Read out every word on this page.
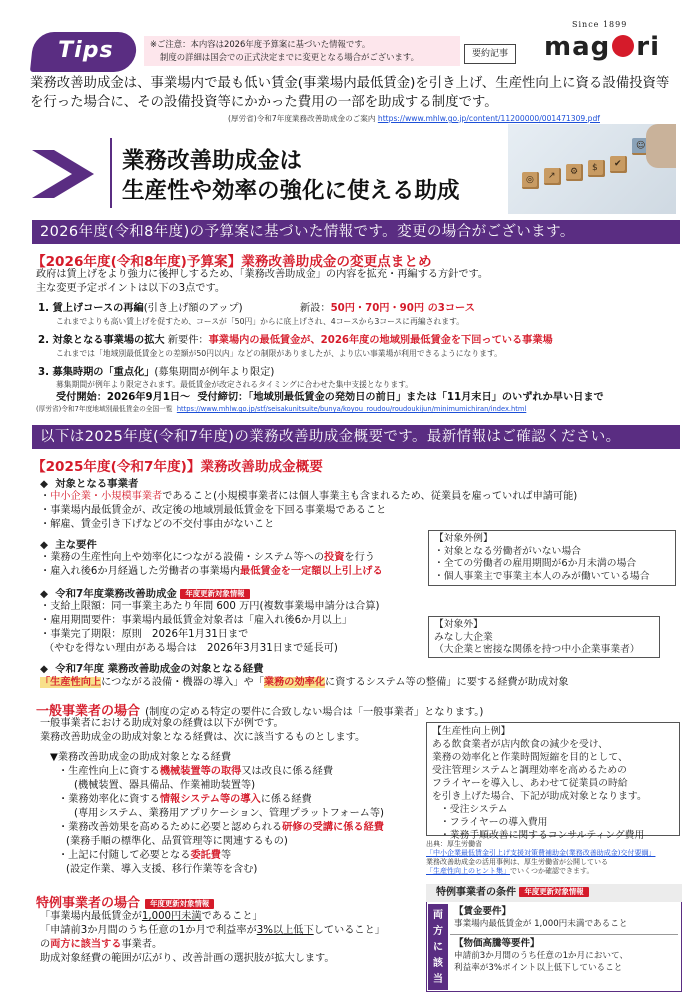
Tips	※ご注意：本内容は2026年度予算案に基づいた情報です。
制度の詳細は国会での正式決定までに変更となる場合がございます。	要約記事
Since 1899
mag ri
業務改善助成金は、事業場内で最も低い賃金(事業場内最低賃金)を引き上げ、生産性向上に資る設備投資等を行った場合に、その設備投資等にかかった費用の一部を助成する制度です。
(厚労省)令和7年度業務改善助成金のご案内 https://www.mhlw.go.jp/content/11200000/001471309.pdf
業務改善助成金は
生産性や効率の強化に使える助成	◎ ↗ ⚙ $ ✔
☺
2026年度(令和8年度)の予算案に基づいた情報です。変更の場合がございます。
【2026年度(令和8年度)予算案】業務改善助成金の変更点まとめ
政府は賃上げをより強力に後押しするため、「業務改善助成金」の内容を拡充・再編する方針です。
主な変更予定ポイントは以下の3点です。
1. 賃上げコースの再編(引き上げ額のアップ)	新設：50円・70円・90円 の3コース
これまでよりも高い賃上げを促すため、コースが「50円」からに底上げされ、4コースから3コースに再編されます。
2. 対象となる事業場の拡大 新要件：事業場内の最低賃金が、2026年度の地域別最低賃金を下回っている事業場
これまでは「地域別最低賃金との差額が50円以内」などの制限がありましたが、より広い事業場が利用できるようになります。
3. 募集時期の「重点化」(募集期間が例年より限定)
募集期間が例年より限定されます。最低賃金が改定されるタイミングに合わせた集中支援となります。
受付開始：2026年9月1日〜 受付締切：「地域別最低賃金の発効日の前日」または「11月末日」のいずれか早い日まで
(厚労省)令和7年度地域別最低賃金の全国一覧 https://www.mhlw.go.jp/stf/seisakunitsuite/bunya/koyou_roudou/roudoukijun/minimumichiran/index.html
以下は2025年度(令和7年度)の業務改善助成金概要です。最新情報はご確認ください。
【2025年度(令和7年度)】業務改善助成金概要
◆  対象となる事業者
・中小企業・小規模事業者であること(小規模事業者には個人事業主も含まれるため、従業員を雇っていれば申請可能)
・事業場内最低賃金が、改定後の地域別最低賃金を下回る事業場であること
・解雇、賃金引き下げなどの不交付事由がないこと
◆  主な要件
・業務の生産性向上や効率化につながる設備・システム等への投資を行う
・雇入れ後6か月経過した労働者の事業場内最低賃金を一定額以上引上げる
◆  令和7年度業務改善助成金 年度更新対象情報
・支給上限額：同一事業主あたり年間 600 万円(複数事業場申請分は合算)
・雇用期間要件：事業場内最低賃金対象者は「雇入れ後6か月以上」
・事業完了期限：原則　2026年1月31日まで
（やむを得ない理由がある場合は　2026年3月31日まで延長可)
◆  令和7年度 業務改善助成金の対象となる経費
「生産性向上につながる設備・機器の導入」や「業務の効率化に資するシステム等の整備」に要する経費が助成対象
【対象外例】
・対象となる労働者がいない場合
・全ての労働者の雇用期間が6か月未満の場合
・個人事業主で事業主本人のみが働いている場合
【対象外】
みなし大企業
（大企業と密接な関係を持つ中小企業事業者）
一般事業者の場合 (制度の定める特定の要件に合致しない場合は「一般事業者」となります。)
一般事業者における助成対象の経費は以下が例です。
業務改善助成金の助成対象となる経費は、次に該当するものとします。
▼業務改善助成金の助成対象となる経費
・生産性向上に資する機械装置等の取得又は改良に係る経費
(機械装置、器具備品、作業補助装置等)
・業務効率化に資する情報システム等の導入に係る経費
(専用システム、業務用アプリケーション、管理プラットフォーム等)
・業務改善効果を高めるために必要と認められる研修の受講に係る経費
(業務手順の標準化、品質管理等に関連するもの)
・上記に付随して必要となる委託費等
(設定作業、導入支援、移行作業等を含む)
【生産性向上例】
ある飲食業者が店内飲食の減少を受け、
業務の効率化と作業時間短縮を目的として、
受注管理システムと調理効率を高めるための
フライヤーを導入し、あわせて従業員の時給
を引き上げた場合、下記が助成対象となります。
・受注システム
・フライヤーの導入費用
・業務手順改善に関するコンサルティング費用
出典：厚生労働省
「中小企業最低賃金引上げ支援対策費補助金(業務改善助成金)交付要綱」
業務改善助成金の活用事例は、厚生労働省が公開している
「生産性向上のヒント集」でいくつか確認できます。
特例事業者の場合 年度更新対象情報
「事業場内最低賃金が1,000円未満であること」
「申請前3か月間のうち任意の1か月で利益率が3%以上低下していること」
の両方に該当する事業者。
助成対象経費の範囲が広がり、改善計画の選択肢が拡大します。
特例事業者の条件 年度更新対象情報
両
方
に
該
当
【賃金要件】
事業場内最低賃金が 1,000円未満であること
【物価高騰等要件】
申請前3か月間のうち任意の1か月において、
利益率が3%ポイント以上低下していること
